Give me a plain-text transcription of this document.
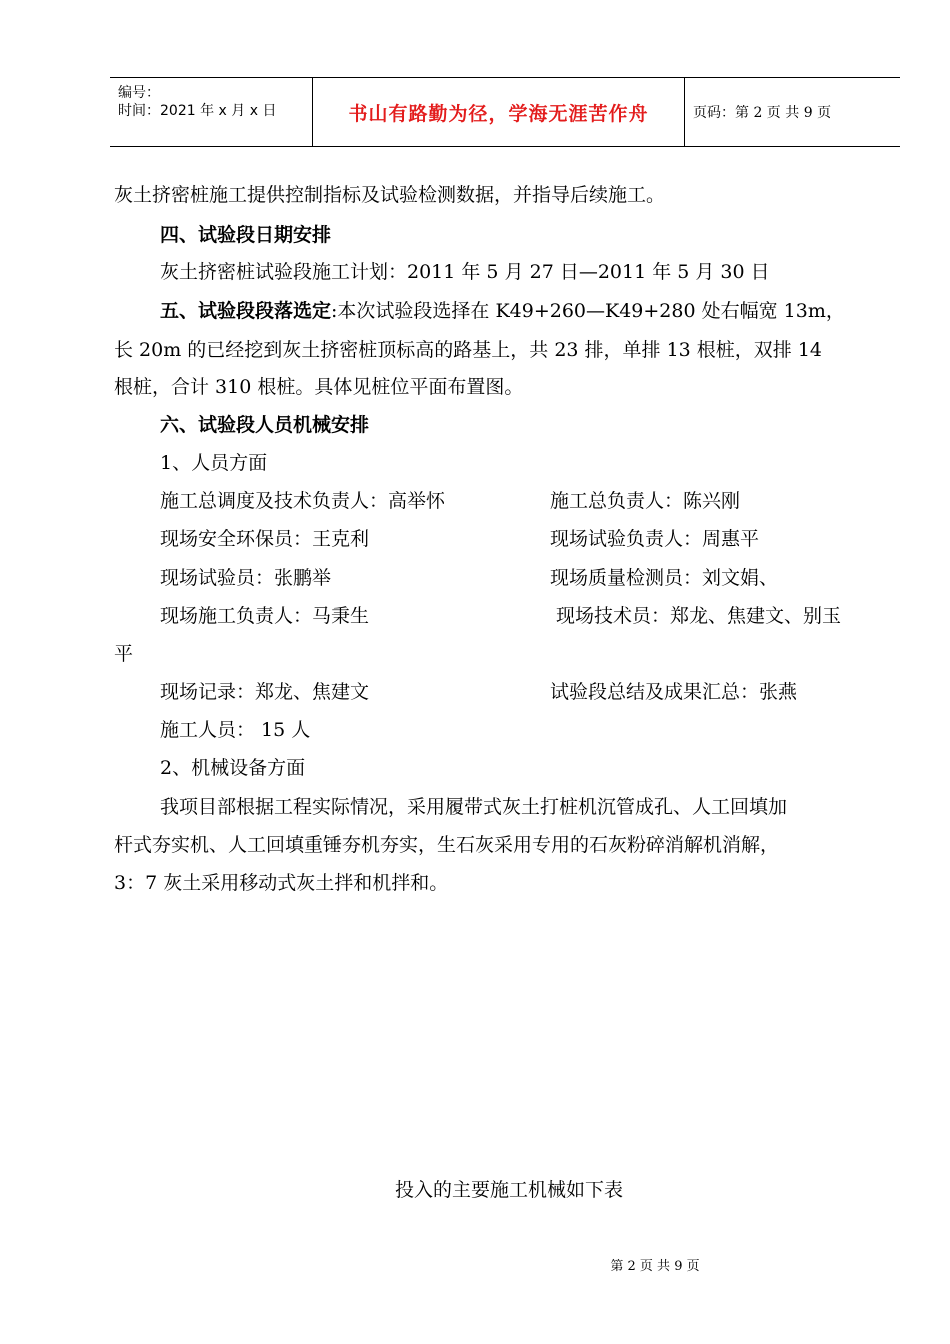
编号：
时间：2021 年 x 月 x 日	书山有路勤为径，学海无涯苦作舟	页码：第 2 页 共 9 页
灰土挤密桩施工提供控制指标及试验检测数据，并指导后续施工。
四、试验段日期安排
灰土挤密桩试验段施工计划：2011 年 5 月 27 日—2011 年 5 月 30 日
五、试验段段落选定:本次试验段选择在 K49+260—K49+280 处右幅宽 13m，
长 20m 的已经挖到灰土挤密桩顶标高的路基上，共 23 排，单排 13 根桩，双排 14
根桩，合计 310 根桩。具体见桩位平面布置图。
六、试验段人员机械安排
1、人员方面
施工总调度及技术负责人：高举怀	施工总负责人：陈兴刚
现场安全环保员：王克利	现场试验负责人：周惠平
现场试验员：张鹏举	现场质量检测员：刘文娟、
现场施工负责人：马秉生	现场技术员：郑龙、焦建文、别玉
平
现场记录：郑龙、焦建文	试验段总结及成果汇总：张燕
施工人员： 15 人
2、机械设备方面
我项目部根据工程实际情况，采用履带式灰土打桩机沉管成孔、人工回填加
杆式夯实机、人工回填重锤夯机夯实，生石灰采用专用的石灰粉碎消解机消解，
3：7 灰土采用移动式灰土拌和机拌和。
投入的主要施工机械如下表
第 2 页 共 9 页
